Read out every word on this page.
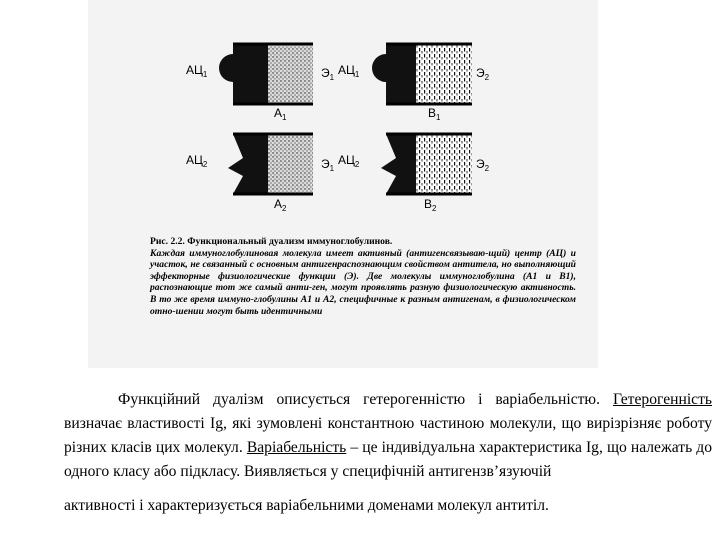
$АЦ_1$	$Э_1$
$А_1$
$АЦ_1$	$Э_2$
$В_1$
$АЦ_2$	$Э_1$
$А_2$
$АЦ_2$	$Э_2$
$В_2$
Рис. 2.2. Функциональный дуализм иммуноглобулинов.
Каждая иммуноглобулиновая молекула имеет активный (антигенсвязываю-щий) центр (АЦ) и участок, не связанный с основным антигенраспознающим свойством антитела, но выполняющий эффекторные физиологические функции (Э). Две молекулы иммуноглобулина (А1 и В1), распознающие тот же самый анти-ген, могут проявлять разную физиологическую активность. В то же время иммуно-глобулины А1 и А2, специфичные к разным антигенам, в физиологическом отно-шении могут быть идентичными

Функційний дуалізм описується гетерогенністю і варіабельністю. Гетерогенність визначає властивості Ig, які зумовлені константною частиною молекули, що вирізрізняє роботу різних класів цих молекул. Варіабельність – це індивідуальна характеристика Ig, що належать до одного класу або підкласу. Виявляється у специфічній антигензв’язуючій

активності і характеризується варіабельними доменами молекул антитіл.
